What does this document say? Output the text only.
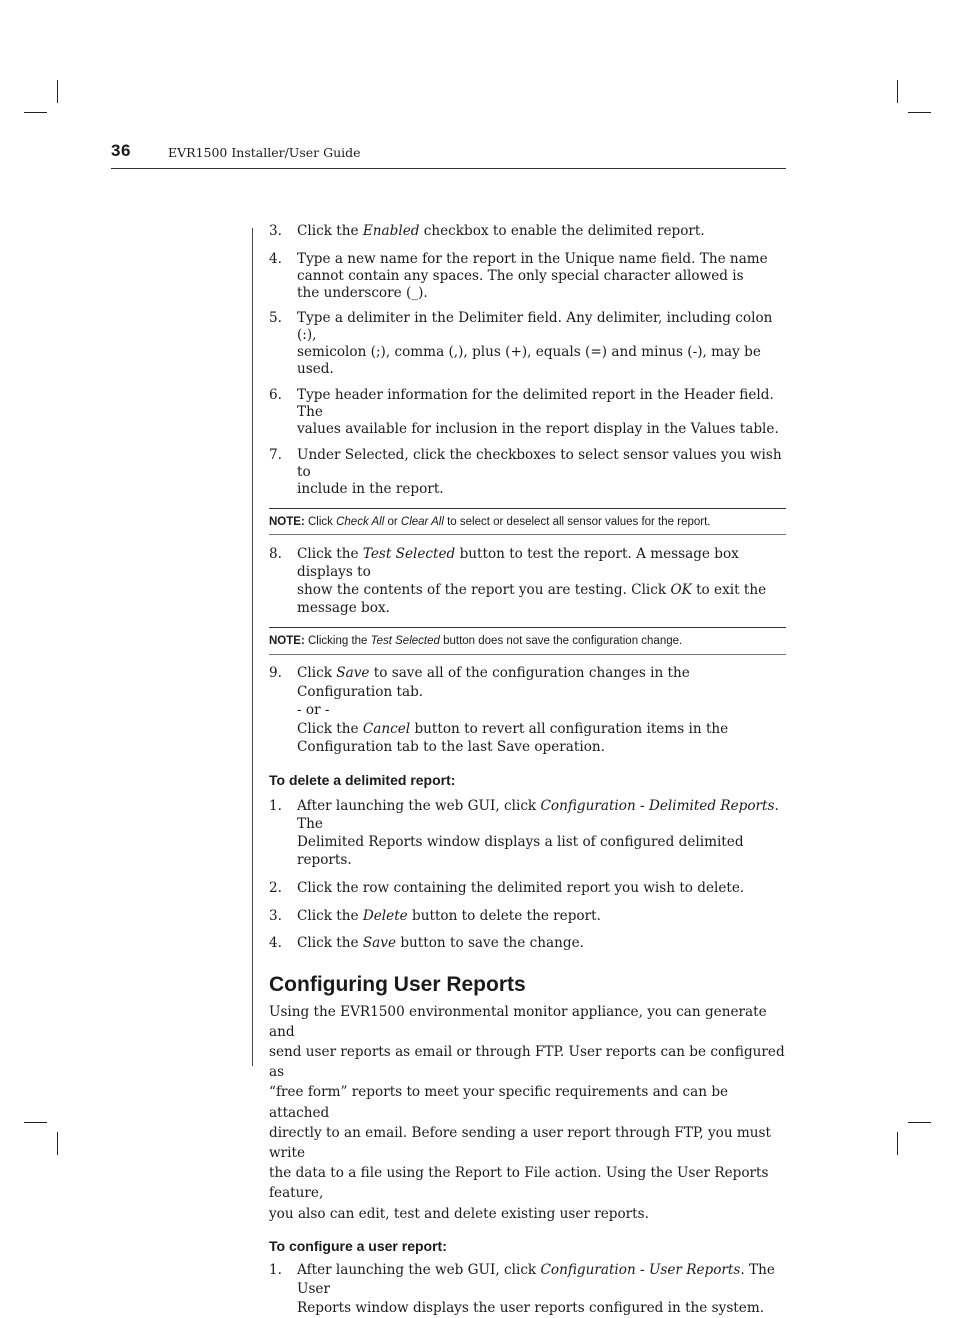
36	EVR1500 Installer/User Guide
3. Click the Enabled checkbox to enable the delimited report.
4. Type a new name for the report in the Unique name field. The name
cannot contain any spaces. The only special character allowed is
the underscore (_).
5. Type a delimiter in the Delimiter field. Any delimiter, including colon (:),
semicolon (;), comma (,), plus (+), equals (=) and minus (-), may be used.
6. Type header information for the delimited report in the Header field. The
values available for inclusion in the report display in the Values table.
7. Under Selected, click the checkboxes to select sensor values you wish to
include in the report.
NOTE: Click Check All or Clear All to select or deselect all sensor values for the report.
8. Click the Test Selected button to test the report. A message box displays to
show the contents of the report you are testing. Click OK to exit the
message box.
NOTE: Clicking the Test Selected button does not save the configuration change.
9. Click Save to save all of the configuration changes in the Configuration tab.
- or -
Click the Cancel button to revert all configuration items in the
Configuration tab to the last Save operation.
To delete a delimited report:
1. After launching the web GUI, click Configuration - Delimited Reports. The
Delimited Reports window displays a list of configured delimited reports.
2. Click the row containing the delimited report you wish to delete.
3. Click the Delete button to delete the report.
4. Click the Save button to save the change.
Configuring User Reports
Using the EVR1500 environmental monitor appliance, you can generate and
send user reports as email or through FTP. User reports can be configured as
“free form” reports to meet your specific requirements and can be attached
directly to an email. Before sending a user report through FTP, you must write
the data to a file using the Report to File action. Using the User Reports feature,
you also can edit, test and delete existing user reports.
To configure a user report:
1. After launching the web GUI, click Configuration - User Reports. The User
Reports window displays the user reports configured in the system.
